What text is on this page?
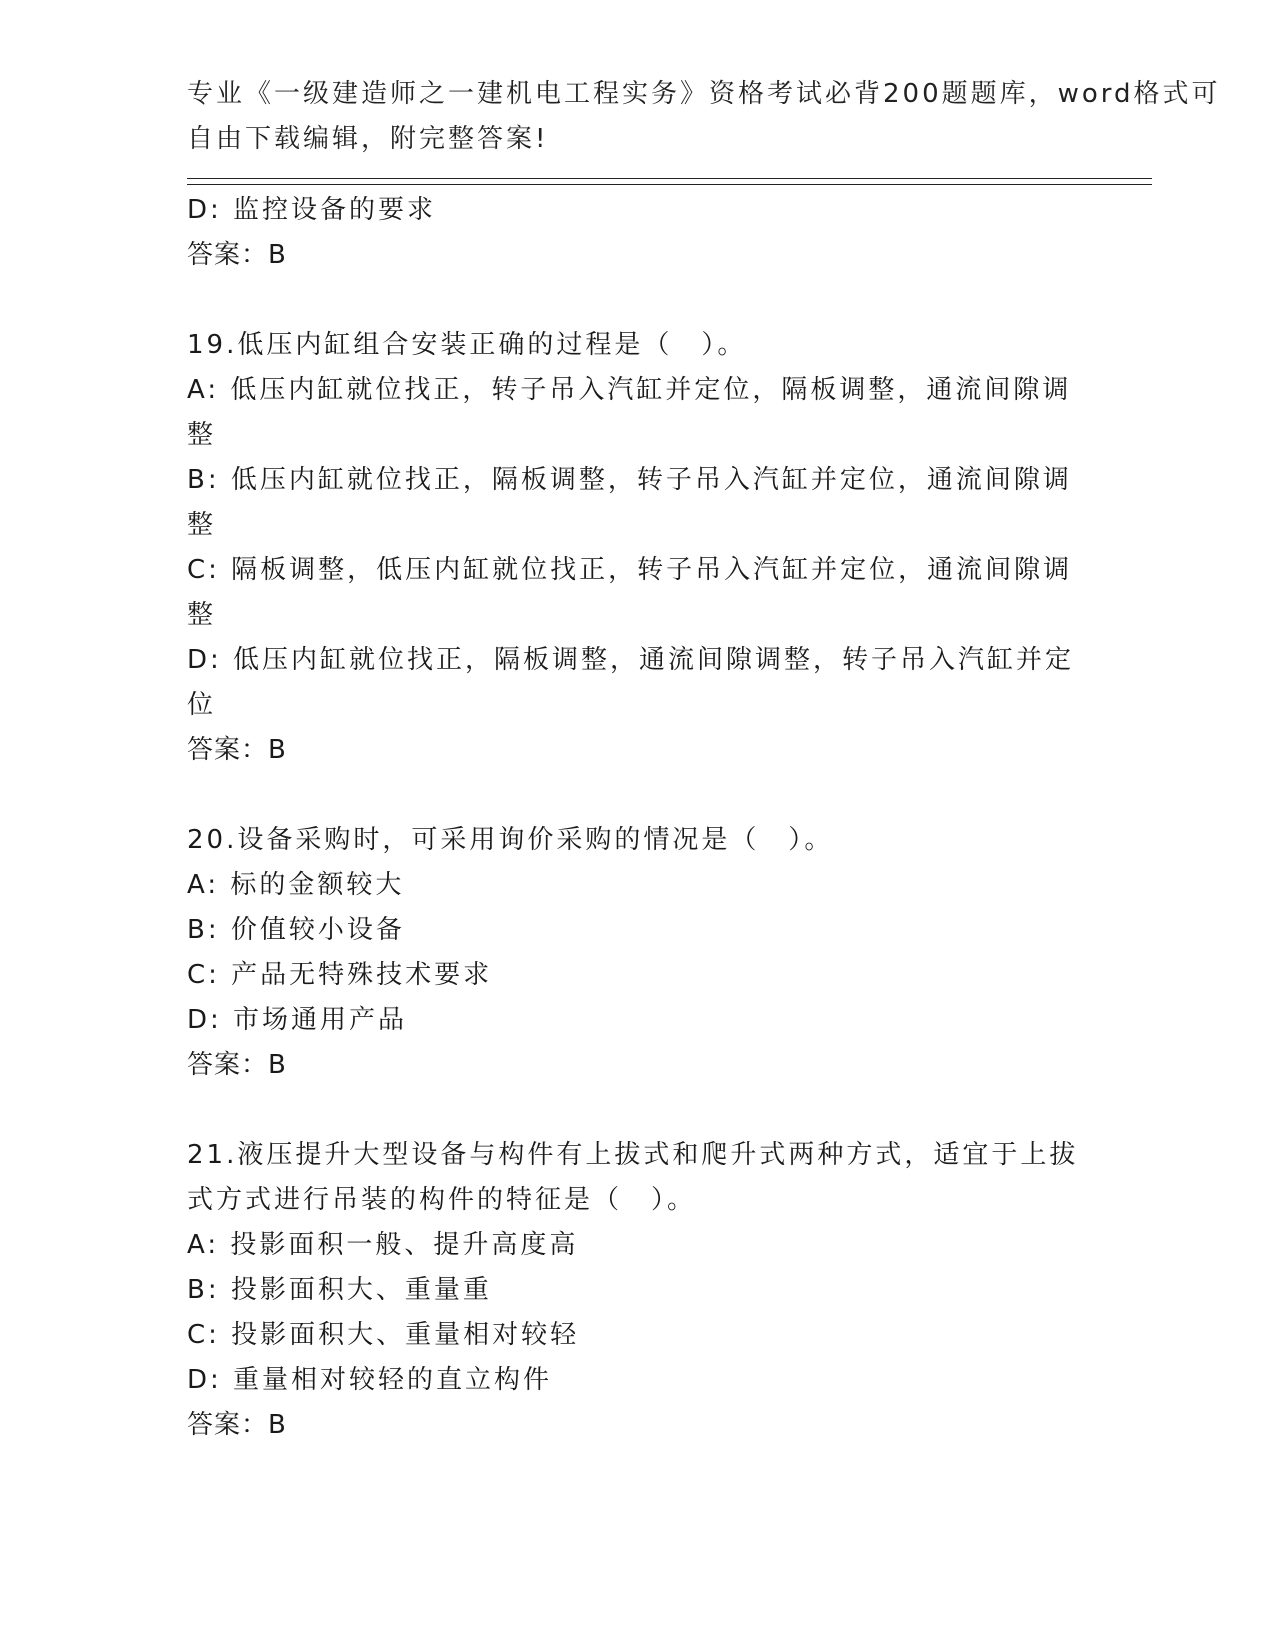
专业《一级建造师之一建机电工程实务》资格考试必背200题题库，word格式可
自由下载编辑，附完整答案!
D: 监控设备的要求
答案：B
19.低压内缸组合安装正确的过程是（　）。
A: 低压内缸就位找正，转子吊入汽缸并定位，隔板调整，通流间隙调
整
B: 低压内缸就位找正，隔板调整，转子吊入汽缸并定位，通流间隙调
整
C: 隔板调整，低压内缸就位找正，转子吊入汽缸并定位，通流间隙调
整
D: 低压内缸就位找正，隔板调整，通流间隙调整，转子吊入汽缸并定
位
答案：B
20.设备采购时，可采用询价采购的情况是（　）。
A: 标的金额较大
B: 价值较小设备
C: 产品无特殊技术要求
D: 市场通用产品
答案：B
21.液压提升大型设备与构件有上拔式和爬升式两种方式，适宜于上拔
式方式进行吊装的构件的特征是（　）。
A: 投影面积一般、提升高度高
B: 投影面积大、重量重
C: 投影面积大、重量相对较轻
D: 重量相对较轻的直立构件
答案：B
